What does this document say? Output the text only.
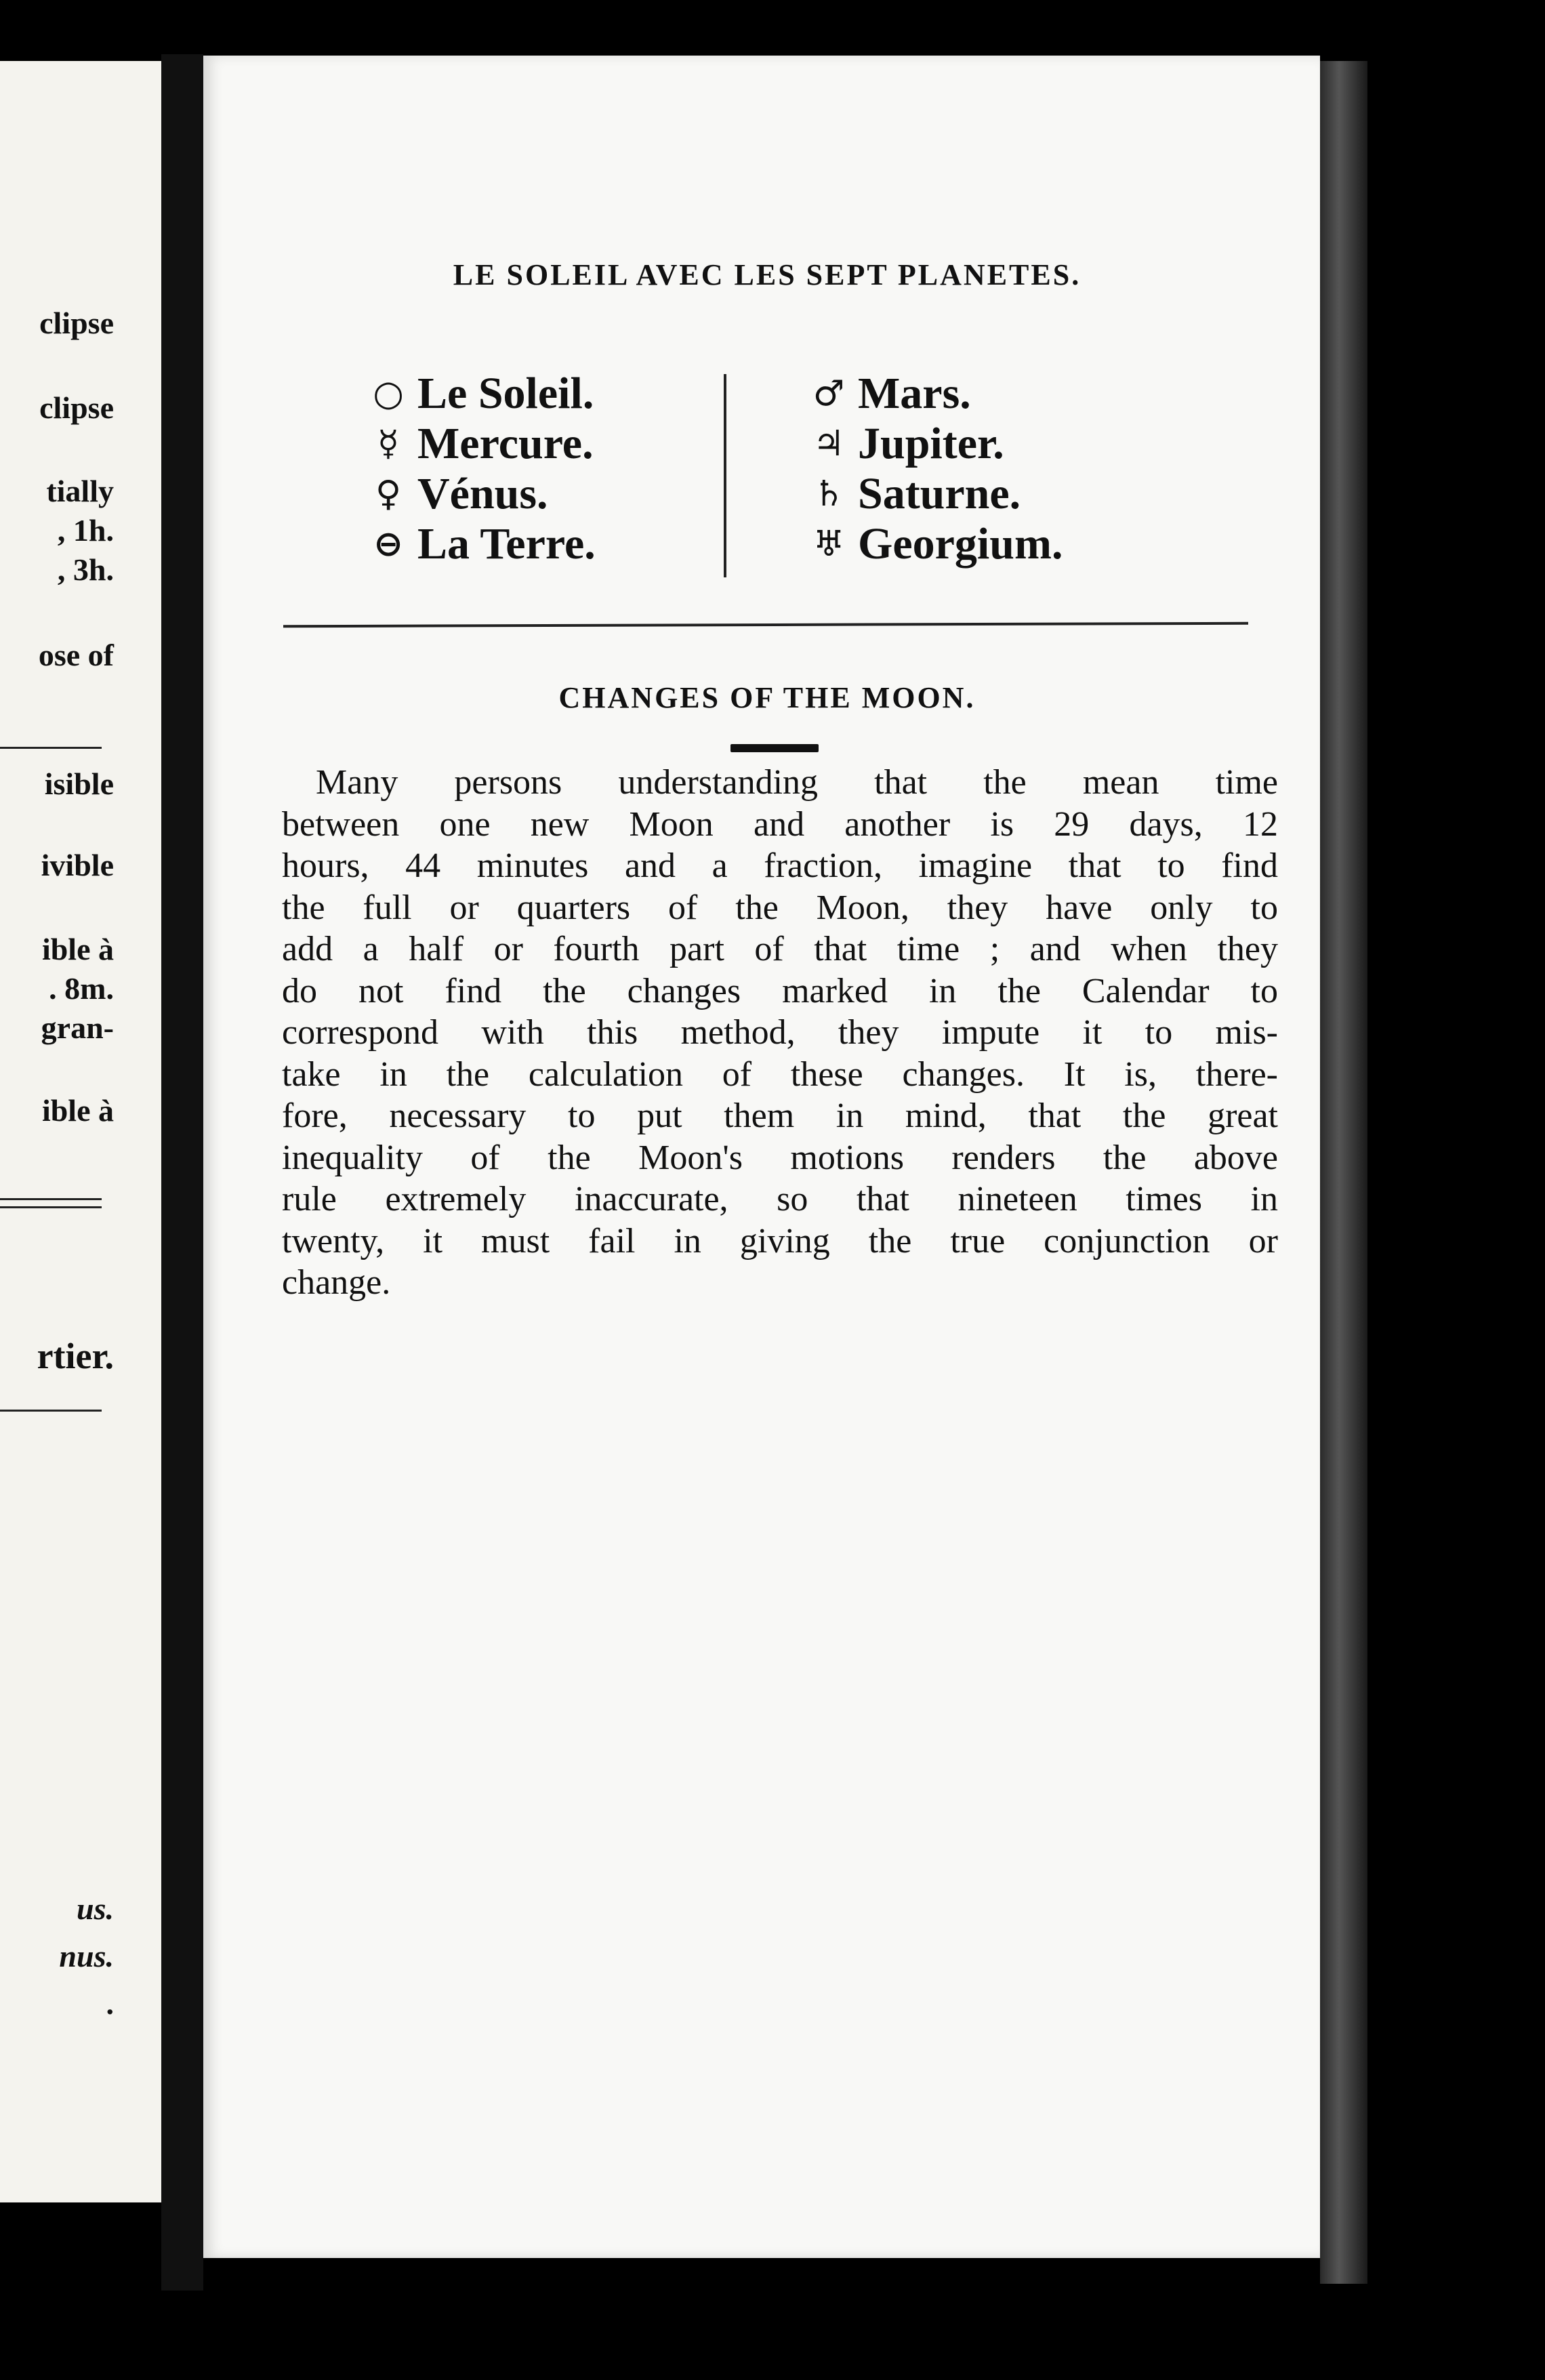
clipse
clipse
tially
, 1h.
, 3h.
ose of
isible
ivible
ible à
. 8m.
gran-
ible à
rtier.
us.
nus.
.
LE SOLEIL AVEC LES SEPT PLANETES.
○ Le Soleil.
☿ Mercure.
♀ Vénus.
⊖ La Terre.
♂ Mars.
♃ Jupiter.
♄ Saturne.
♅ Georgium.
CHANGES OF THE MOON.
Many persons understanding that the mean time
between one new Moon and another is 29 days, 12
hours, 44 minutes and a fraction, imagine that to find
the full or quarters of the Moon, they have only to
add a half or fourth part of that time ; and when they
do not find the changes marked in the Calendar to
correspond with this method, they impute it to mis-
take in the calculation of these changes. It is, there-
fore, necessary to put them in mind, that the great
inequality of the Moon's motions renders the above
rule extremely inaccurate, so that nineteen times in
twenty, it must fail in giving the true conjunction or
change.
